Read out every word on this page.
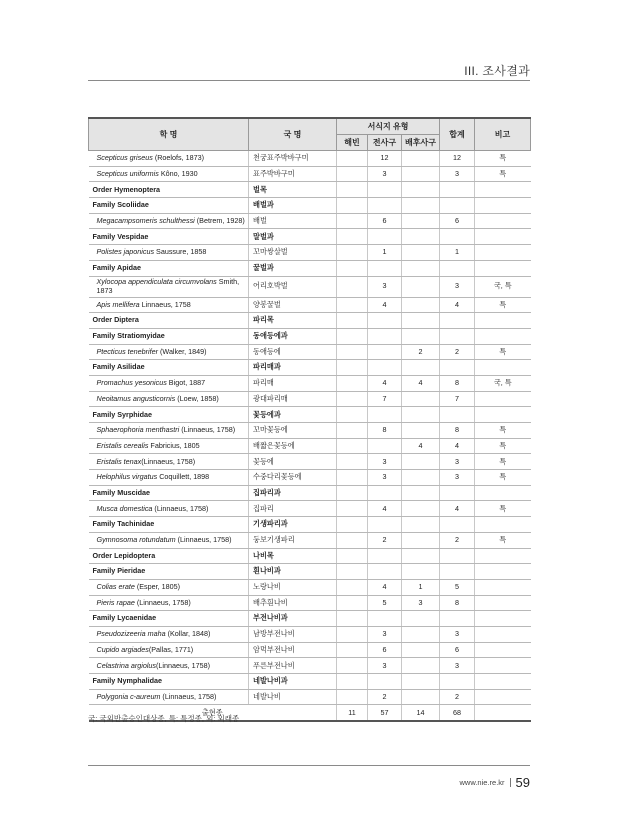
III. 조사결과
학 명	국 명	서식지 유형			합계	비고
		해빈	전사구	배후사구		
Scepticus griseus (Roelofs, 1873)	천궁표주박바구미		12		12	특
Scepticus uniformis Kôno, 1930	표주박바구미		3		3	특
Order Hymenoptera	벌목					
Family Scoliidae	배벌과					
Megacampsomeris schulthessi (Betrem, 1928)	배벌		6		6	
Family Vespidae	말벌과					
Polistes japonicus Saussure, 1858	꼬마쌍살벌		1		1	
Family Apidae	꿀벌과					
Xylocopa appendiculata circumvolans Smith, 1873	어리호박벌		3		3	국, 특
Apis mellifera Linnaeus, 1758	양봉꿀벌		4		4	특
Order Diptera	파리목					
Family Stratiomyidae	동애등에과					
Ptecticus tenebrifer (Walker, 1849)	동애등에			2	2	특
Family Asilidae	파리매과					
Promachus yesonicus Bigot, 1887	파리매		4	4	8	국, 특
Neoitamus angusticornis (Loew, 1858)	광대파리매		7		7	
Family Syrphidae	꽃등에과					
Sphaerophoria menthastri (Linnaeus, 1758)	꼬마꽃등에		8		8	특
Eristalis cerealis Fabricius, 1805	배짧은꽃등에			4	4	특
Eristalis tenax(Linnaeus, 1758)	꽃등에		3		3	특
Helophilus virgatus Coquillett, 1898	수중다리꽃등에		3		3	특
Family Muscidae	집파리과					
Musca domestica (Linnaeus, 1758)	집파리		4		4	특
Family Tachinidae	기생파리과					
Gymnosoma rotundatum (Linnaeus, 1758)	둥보기생파리		2		2	특
Order Lepidoptera	나비목					
Family Pieridae	흰나비과					
Colias erate (Esper, 1805)	노랑나비		4	1	5	
Pieris rapae (Linnaeus, 1758)	배추흰나비		5	3	8	
Family Lycaenidae	부전나비과					
Pseudozizeeria maha (Kollar, 1848)	남방부전나비		3		3	
Cupido argiades(Pallas, 1771)	암먹부전나비		6		6	
Celastrina argiolus(Linnaeus, 1758)	푸른부전나비		3		3	
Family Nymphalidae	네발나비과					
Polygonia c-aureum (Linnaeus, 1758)	네발나비		2		2	
출현종		11	57	14	68	
국: 국외반출승인대상종, 특: 특정종, 외: 외래종
www.nie.re.kr 59
